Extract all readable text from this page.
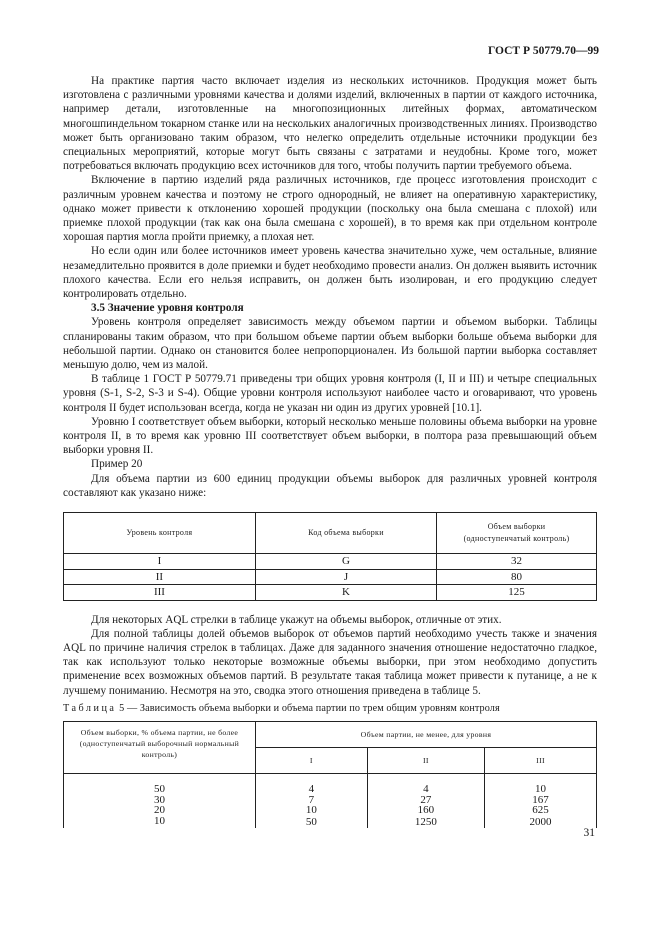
ГОСТ Р 50779.70—99

На практике партия часто включает изделия из нескольких источников. Продукция может быть изготовлена с различными уровнями качества и долями изделий, включенных в партии от каждого источника, например детали, изготовленные на многопозиционных литейных формах, автоматическом многошпиндельном токарном станке или на нескольких аналогичных производственных линиях. Производство может быть организовано таким образом, что нелегко определить отдельные источники продукции без специальных мероприятий, которые могут быть связаны с затратами и неудобны. Кроме того, может потребоваться включать продукцию всех источников для того, чтобы получить партии требуемого объема.

Включение в партию изделий ряда различных источников, где процесс изготовления происходит с различным уровнем качества и поэтому не строго однородный, не влияет на оперативную характеристику, однако может привести к отклонению хорошей продукции (поскольку она была смешана с плохой) или приемке плохой продукции (так как она была смешана с хорошей), в то время как при отдельном контроле хорошая партия могла пройти приемку, а плохая нет.

Но если один или более источников имеет уровень качества значительно хуже, чем остальные, влияние незамедлительно проявится в доле приемки и будет необходимо провести анализ. Он должен выявить источник плохого качества. Если его нельзя исправить, он должен быть изолирован, и его продукцию следует контролировать отдельно.

3.5 Значение уровня контроля

Уровень контроля определяет зависимость между объемом партии и объемом выборки. Таблицы спланированы таким образом, что при большом объеме партии объем выборки больше объема выборки для небольшой партии. Однако он становится более непропорционален. Из большой партии выборка составляет меньшую долю, чем из малой.

В таблице 1 ГОСТ Р 50779.71 приведены три общих уровня контроля (I, II и III) и четыре специальных уровня (S-1, S-2, S-3 и S-4). Общие уровни контроля используют наиболее часто и оговаривают, что уровень контроля II будет использован всегда, когда не указан ни один из других уровней [10.1].

Уровню I соответствует объем выборки, который несколько меньше половины объема выборки на уровне контроля II, в то время как уровню III соответствует объем выборки, в полтора раза превышающий объем выборки уровня II.

Пример 20

Для объема партии из 600 единиц продукции объемы выборок для различных уровней контроля составляют как указано ниже:

Уровень контроля	Код объема выборки	Объем выборки (одноступенчатый контроль)
I	G	32
II	J	80
III	K	125

Для некоторых AQL стрелки в таблице укажут на объемы выборок, отличные от этих.

Для полной таблицы долей объемов выборок от объемов партий необходимо учесть также и значения AQL по причине наличия стрелок в таблицах. Даже для заданного значения отношение недостаточно гладкое, так как используют только некоторые возможные объемы выборки, при этом необходимо допустить применение всех возможных объемов партий. В результате такая таблица может привести к путанице, а не к лучшему пониманию. Несмотря на это, сводка этого отношения приведена в таблице 5.

Таблица 5 — Зависимость объема выборки и объема партии по трем общим уровням контроля
Объем выборки, % объема партии, не более (одноступенчатый выборочный нормальный контроль)	Объем партии, не менее, для уровня		
	I	II	III
50	4	4	10
30	7	27	167
20	10	160	625
10	50	1250	2000
31
